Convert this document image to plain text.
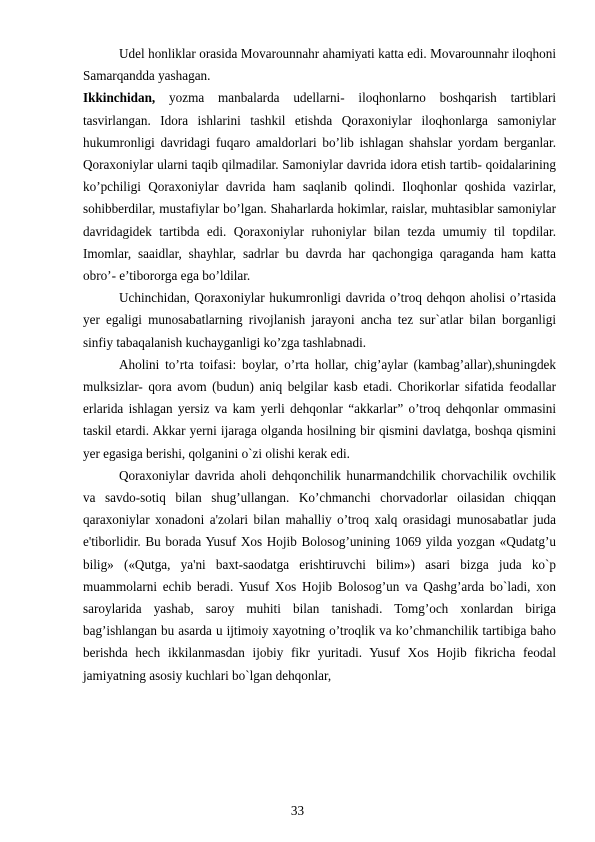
Udel honliklar orasida Movarounnahr ahamiyati katta edi. Movarounnahr iloqhoni Samarqandda yashagan.

Ikkinchidan, yozma manbalarda udellarni- iloqhonlarno boshqarish tartiblari tasvirlangan. Idora ishlarini tashkil etishda Qoraxoniylar iloqhonlarga samoniylar hukumronligi davridagi fuqaro amaldorlari bo’lib ishlagan shahslar yordam berganlar. Qoraxoniylar ularni taqib qilmadilar. Samoniylar davrida idora etish tartib- qoidalarining ko’pchiligi Qoraxoniylar davrida ham saqlanib qolindi. Iloqhonlar qoshida vazirlar, sohibberdilar, mustafiylar bo’lgan. Shaharlarda hokimlar, raislar, muhtasiblar samoniylar davridagidek tartibda edi. Qoraxoniylar ruhoniylar bilan tezda umumiy til topdilar. Imomlar, saaidlar, shayhlar, sadrlar bu davrda har qachongiga qaraganda ham katta obro’- e’tibororga ega bo’ldilar.

Uchinchidan, Qoraxoniylar hukumronligi davrida o’troq dehqon aholisi o’rtasida yer egaligi munosabatlarning rivojlanish jarayoni ancha tez sur`atlar bilan borganligi sinfiy tabaqalanish kuchayganligi ko’zga tashlabnadi.

Aholini to’rta toifasi: boylar, o’rta hollar, chig’aylar (kambag’allar),shuningdek mulksizlar- qora avom (budun) aniq belgilar kasb etadi. Chorikorlar sifatida feodallar erlarida ishlagan yersiz va kam yerli dehqonlar “akkarlar” o’troq dehqonlar ommasini taskil etardi. Akkar yerni ijaraga olganda hosilning bir qismini davlatga, boshqa qismini yer egasiga berishi, qolganini o`zi olishi kerak edi.

Qoraxoniylar davrida aholi dehqonchilik hunarmandchilik chorvachilik ovchilik va savdo-sotiq bilan shug’ullangan. Ko’chmanchi chorvadorlar oilasidan chiqqan qaraxoniylar xonadoni a'zolari bilan mahalliy o’troq xalq orasidagi munosabatlar juda e'tiborlidir. Bu borada Yusuf Xos Hojib Bolosog’unining 1069 yilda yozgan «Qudatg’u bilig» («Qutga, ya'ni baxt-saodatga erishtiruvchi bilim») asari bizga juda ko`p muammolarni echib beradi. Yusuf Xos Hojib Bolosog’un va Qashg’arda bo`ladi, xon saroylarida yashab, saroy muhiti bilan tanishadi. Tomg’och xonlardan biriga bag’ishlangan bu asarda u ijtimoiy xayotning o’troqlik va ko’chmanchilik tartibiga baho berishda hech ikkilanmasdan ijobiy fikr yuritadi. Yusuf Xos Hojib fikricha feodal jamiyatning asosiy kuchlari bo`lgan dehqonlar,

33
